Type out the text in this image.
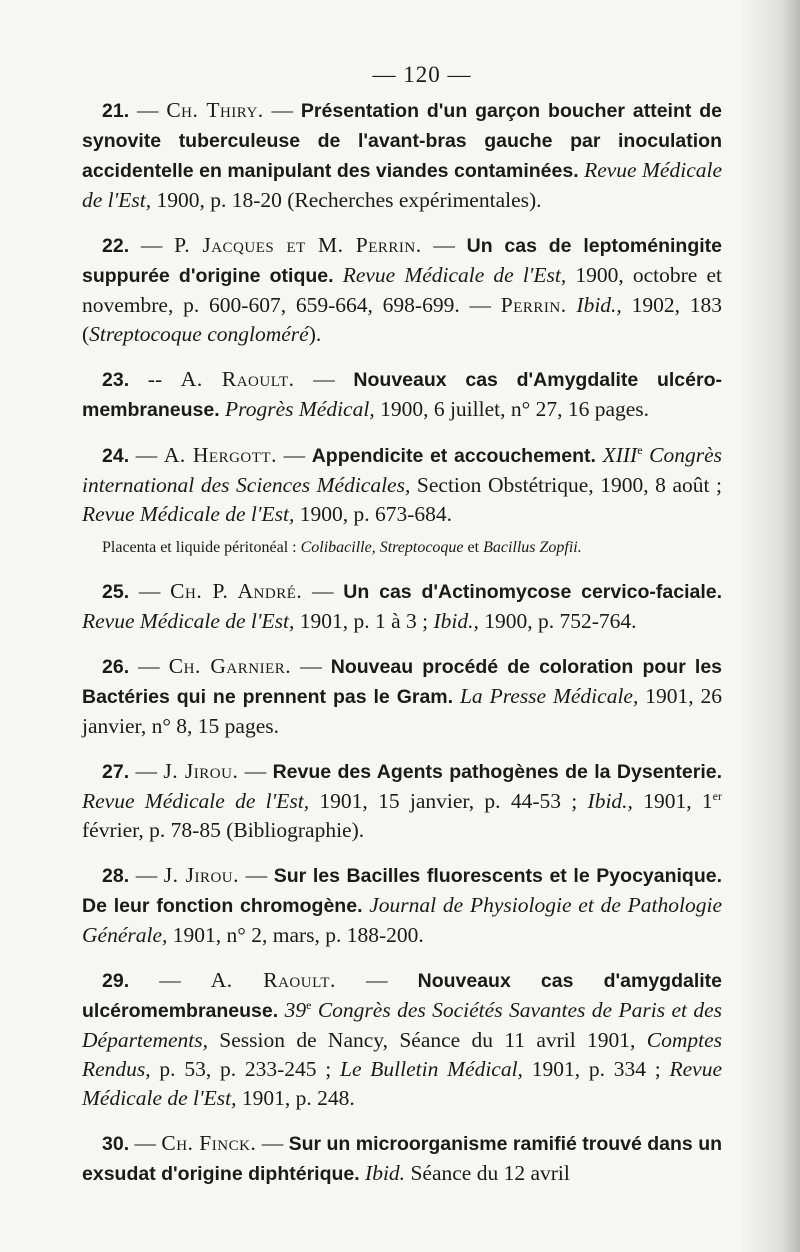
— 120 —

21. — Ch. Thiry. — Présentation d'un garçon boucher atteint de synovite tuberculeuse de l'avant-bras gauche par inoculation accidentelle en manipulant des viandes contaminées. Revue Médicale de l'Est, 1900, p. 18-20 (Recherches expérimentales).

22. — P. Jacques et M. Perrin. — Un cas de leptoméningite suppurée d'origine otique. Revue Médicale de l'Est, 1900, octobre et novembre, p. 600-607, 659-664, 698-699. — Perrin. Ibid., 1902, 183 (Streptocoque congloméré).

23. -- A. Raoult. — Nouveaux cas d'Amygdalite ulcéro-membraneuse. Progrès Médical, 1900, 6 juillet, n° 27, 16 pages.

24. — A. Hergott. — Appendicite et accouchement. XIIIe Congrès international des Sciences Médicales, Section Obstétrique, 1900, 8 août ; Revue Médicale de l'Est, 1900, p. 673-684.

Placenta et liquide péritonéal : Colibacille, Streptocoque et Bacillus Zopfii.

25. — Ch. P. André. — Un cas d'Actinomycose cervico-faciale. Revue Médicale de l'Est, 1901, p. 1 à 3 ; Ibid., 1900, p. 752-764.

26. — Ch. Garnier. — Nouveau procédé de coloration pour les Bactéries qui ne prennent pas le Gram. La Presse Médicale, 1901, 26 janvier, n° 8, 15 pages.

27. — J. Jirou. — Revue des Agents pathogènes de la Dysenterie. Revue Médicale de l'Est, 1901, 15 janvier, p. 44-53 ; Ibid., 1901, 1er février, p. 78-85 (Bibliographie).

28. — J. Jirou. — Sur les Bacilles fluorescents et le Pyocyanique. De leur fonction chromogène. Journal de Physiologie et de Pathologie Générale, 1901, n° 2, mars, p. 188-200.

29. — A. Raoult. — Nouveaux cas d'amygdalite ulcéromembraneuse. 39e Congrès des Sociétés Savantes de Paris et des Départements, Session de Nancy, Séance du 11 avril 1901, Comptes Rendus, p. 53, p. 233-245 ; Le Bulletin Médical, 1901, p. 334 ; Revue Médicale de l'Est, 1901, p. 248.

30. — Ch. Finck. — Sur un microorganisme ramifié trouvé dans un exsudat d'origine diphtérique. Ibid. Séance du 12 avril
